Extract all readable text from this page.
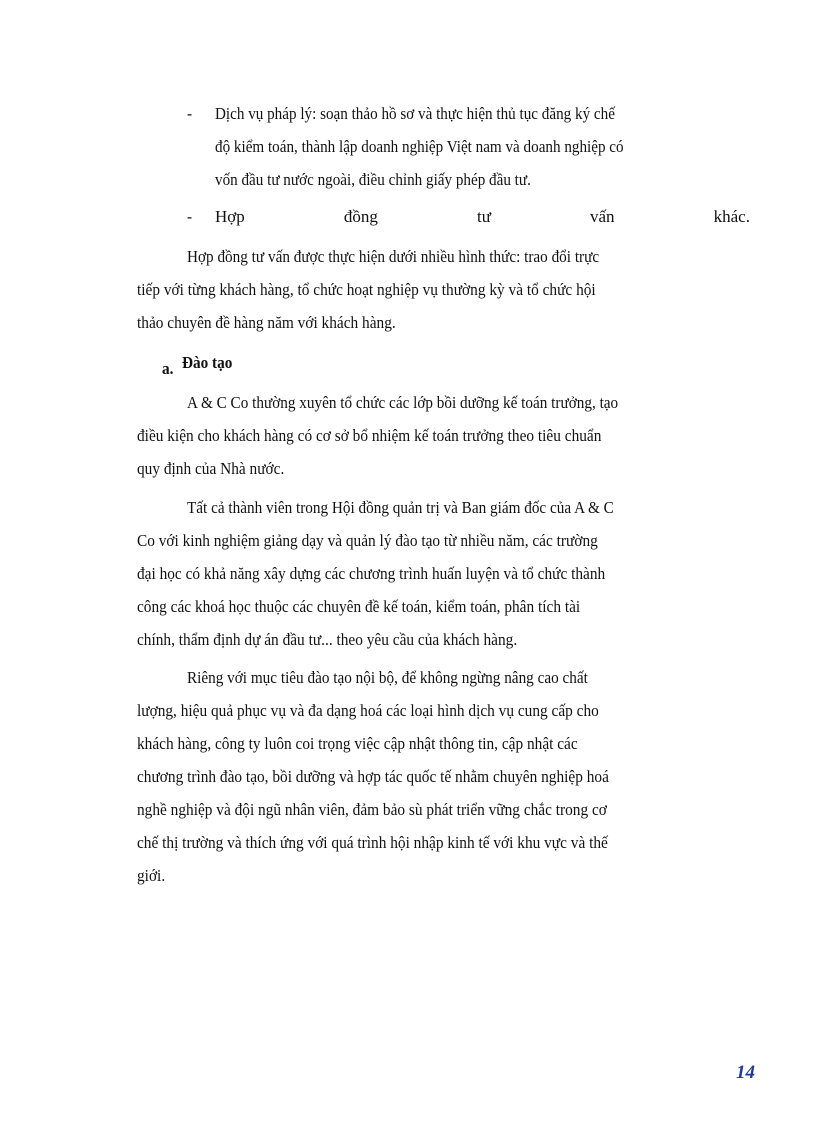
-	Dịch vụ pháp lý: soạn thảo hồ sơ và thực hiện thủ tục đăng ký chế
độ kiểm toán, thành lập doanh nghiệp Việt nam và doanh nghiệp có
vốn đầu tư nước ngoài, điều chỉnh giấy phép đầu tư.
-	Hợp	đồng	tư	vấn	khác.
Hợp đồng tư vấn được thực hiện dưới nhiều hình thức: trao đổi trực
tiếp với từng khách hàng, tổ chức hoạt nghiệp vụ thường kỳ và tổ chức hội
thảo chuyên đề hàng năm với khách hàng.
a. Đào tạo
A & C Co thường xuyên tổ chức các lớp bồi dưỡng kế toán trưởng, tạo
điều kiện cho khách hàng có cơ sở bổ nhiệm kế toán trưởng theo tiêu chuẩn
quy định của Nhà nước.
Tất cả thành viên trong Hội đồng quản trị và Ban giám đốc của A & C
Co với kinh nghiệm giảng dạy và quản lý đào tạo từ nhiều năm, các trường
đại học có khả năng xây dựng các chương trình huấn luyện và tổ chức thành
công các khoá học thuộc các chuyên đề kế toán, kiểm toán, phân tích tài
chính, thẩm định dự án đầu tư... theo yêu cầu của khách hàng.
Riêng với mục tiêu đào tạo nội bộ, để không ngừng nâng cao chất
lượng, hiệu quả phục vụ và đa dạng hoá các loại hình dịch vụ cung cấp cho
khách hàng, công ty luôn coi trọng việc cập nhật thông tin, cập nhật các
chương trình đào tạo, bồi dưỡng và hợp tác quốc tế nhằm chuyên nghiệp hoá
nghề nghiệp và đội ngũ nhân viên, đảm bảo sù phát triển vững chắc trong cơ
chế thị trường và thích ứng với quá trình hội nhập kinh tế với khu vực và thế
giới.
14
